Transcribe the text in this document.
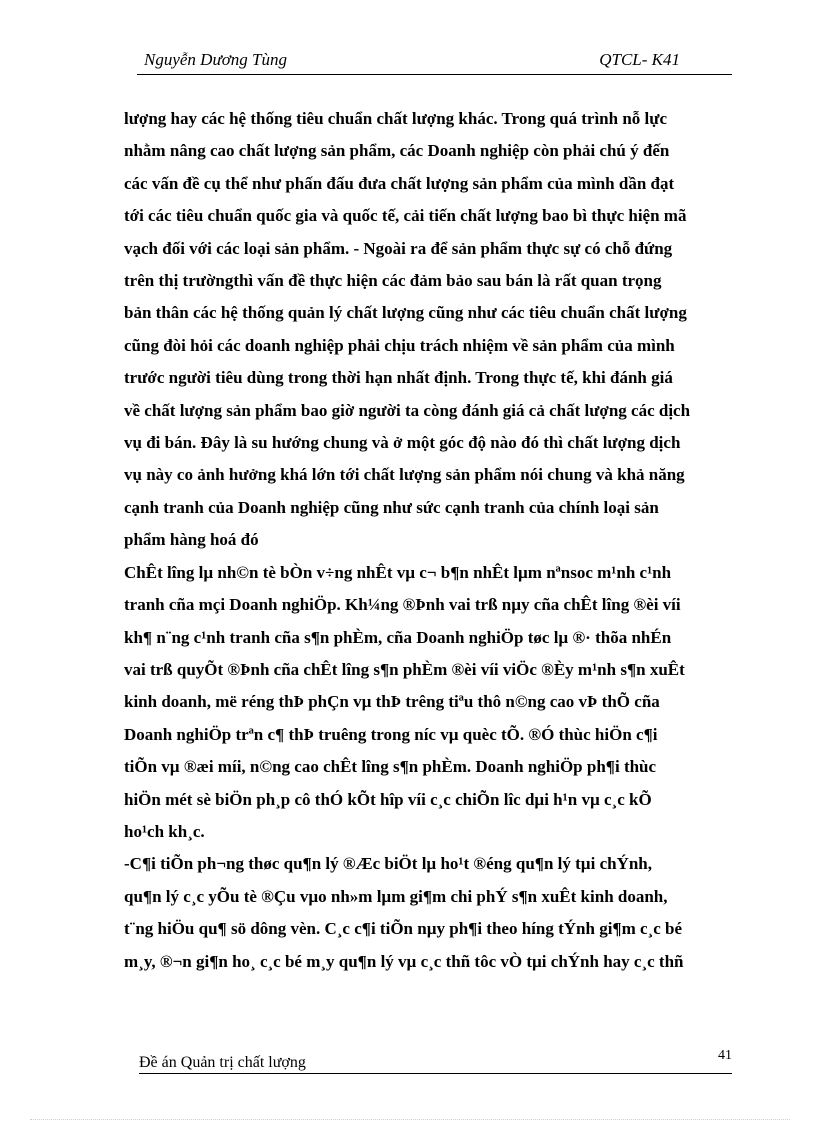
Nguyễn Dương Tùng	QTCL- K41

lượng hay các hệ thống tiêu chuẩn chất lượng khác. Trong quá trình nỗ lực
nhằm nâng cao chất lượng sản phẩm, các Doanh nghiệp còn phải chú ý đến
các vấn đề cụ thể như phấn đấu đưa chất lượng sản phẩm của mình dần đạt
tới các tiêu chuẩn quốc gia và quốc tế, cải tiến chất lượng bao bì thực hiện mã
vạch đối với các loại sản phẩm. - Ngoài ra để sản phẩm thực sự có chỗ đứng
trên thị trườngthì vấn đề thực hiện các đảm bảo sau bán là rất quan trọng
bản thân các hệ thống quản lý chất lượng cũng như các tiêu chuẩn chất lượng
cũng đòi hỏi các doanh nghiệp phải chịu trách nhiệm về sản phẩm của mình
trước người tiêu dùng trong thời hạn nhất định. Trong thực tế, khi đánh giá
về chất lượng sản phẩm bao giờ người ta còng đánh giá cả chất lượng các dịch
vụ đi bán. Đây là su hướng chung và ở một góc độ nào đó thì chất lượng dịch
vụ này co ảnh hưởng khá lớn tới chất lượng sản phẩm nói chung và khả năng
cạnh tranh của Doanh nghiệp cũng như sức cạnh tranh của chính loại sản
phẩm hàng hoá đó

ChÊt lîng lµ nh©n tè bÒn v÷ng nhÊt vµ c¬ b¶n nhÊt lµm nªnsoc m¹nh c¹nh
tranh cña mçi Doanh nghiÖp. Kh¼ng ®Þnh vai trß nµy cña chÊt lîng ®èi víi
kh¶ n¨ng c¹nh tranh cña s¶n phÈm, cña Doanh nghiÖp tøc lµ ®· thõa nhÉn
vai trß quyÕt ®Þnh cña chÊt lîng s¶n phÈm ®èi víi viÖc ®Èy m¹nh s¶n xuÊt
kinh doanh, më réng thÞ phÇn vµ thÞ trêng tiªu thô n©ng cao vÞ thÕ cña
Doanh nghiÖp trªn c¶ thÞ truêng trong níc vµ quèc tÕ. ®Ó thùc hiÖn c¶i
tiÕn vµ ®æi míi, n©ng cao chÊt lîng s¶n phÈm. Doanh nghiÖp ph¶i thùc
hiÖn mét sè biÖn ph¸p cô thÓ kÕt hîp víi c¸c chiÕn lîc dµi h¹n vµ c¸c kÕ
ho¹ch kh¸c.

-C¶i tiÕn ph¬ng thøc qu¶n lý ®Æc biÖt lµ ho¹t ®éng qu¶n lý tµi chÝnh,
qu¶n lý c¸c yÕu tè ®Çu vµo nh»m lµm gi¶m chi phÝ s¶n xuÊt kinh doanh,
t¨ng hiÖu qu¶ sö dông vèn. C¸c c¶i tiÕn nµy ph¶i theo híng tÝnh gi¶m c¸c bé
m¸y, ®¬n gi¶n ho¸ c¸c bé m¸y qu¶n lý vµ c¸c thñ tôc vÒ tµi chÝnh hay c¸c thñ

Đề án Quản trị chất lượng	41
